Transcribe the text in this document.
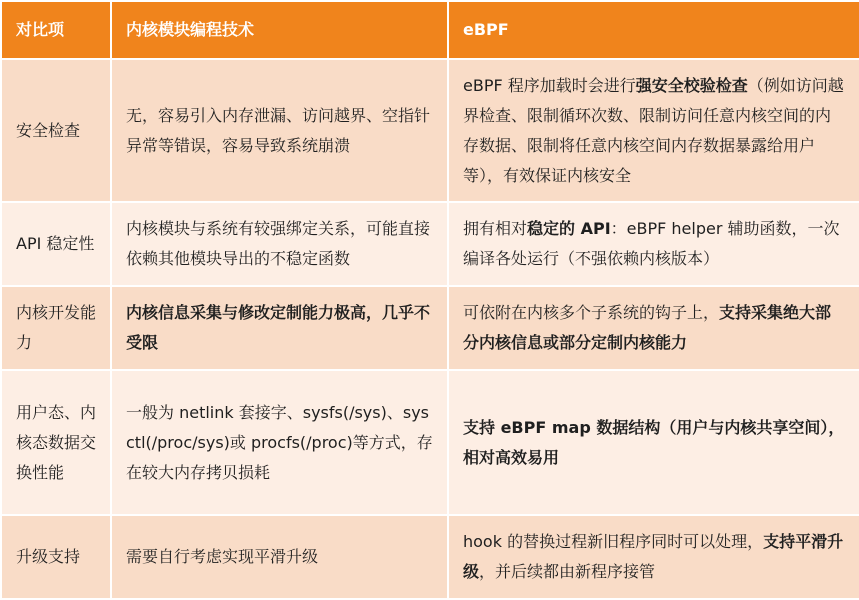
对比项	内核模块编程技术	eBPF
安全检查	无，容易引入内存泄漏、访问越界、空指针异常等错误，容易导致系统崩溃	eBPF 程序加载时会进行强安全校验检查（例如访问越界检查、限制循环次数、限制访问任意内核空间的内存数据、限制将任意内核空间内存数据暴露给用户等），有效保证内核安全
API 稳定性	内核模块与系统有较强绑定关系，可能直接依赖其他模块导出的不稳定函数	拥有相对稳定的 API：eBPF helper 辅助函数，一次编译各处运行（不强依赖内核版本）
内核开发能力	内核信息采集与修改定制能力极高，几乎不受限	可依附在内核多个子系统的钩子上，支持采集绝大部分内核信息或部分定制内核能力
用户态、内核态数据交换性能	一般为 netlink 套接字、sysfs(/sys)、sysctl(/proc/sys)或 procfs(/proc)等方式，存在较大内存拷贝损耗	支持 eBPF map 数据结构（用户与内核共享空间），相对高效易用
升级支持	需要自行考虑实现平滑升级	hook 的替换过程新旧程序同时可以处理，支持平滑升级，并后续都由新程序接管
